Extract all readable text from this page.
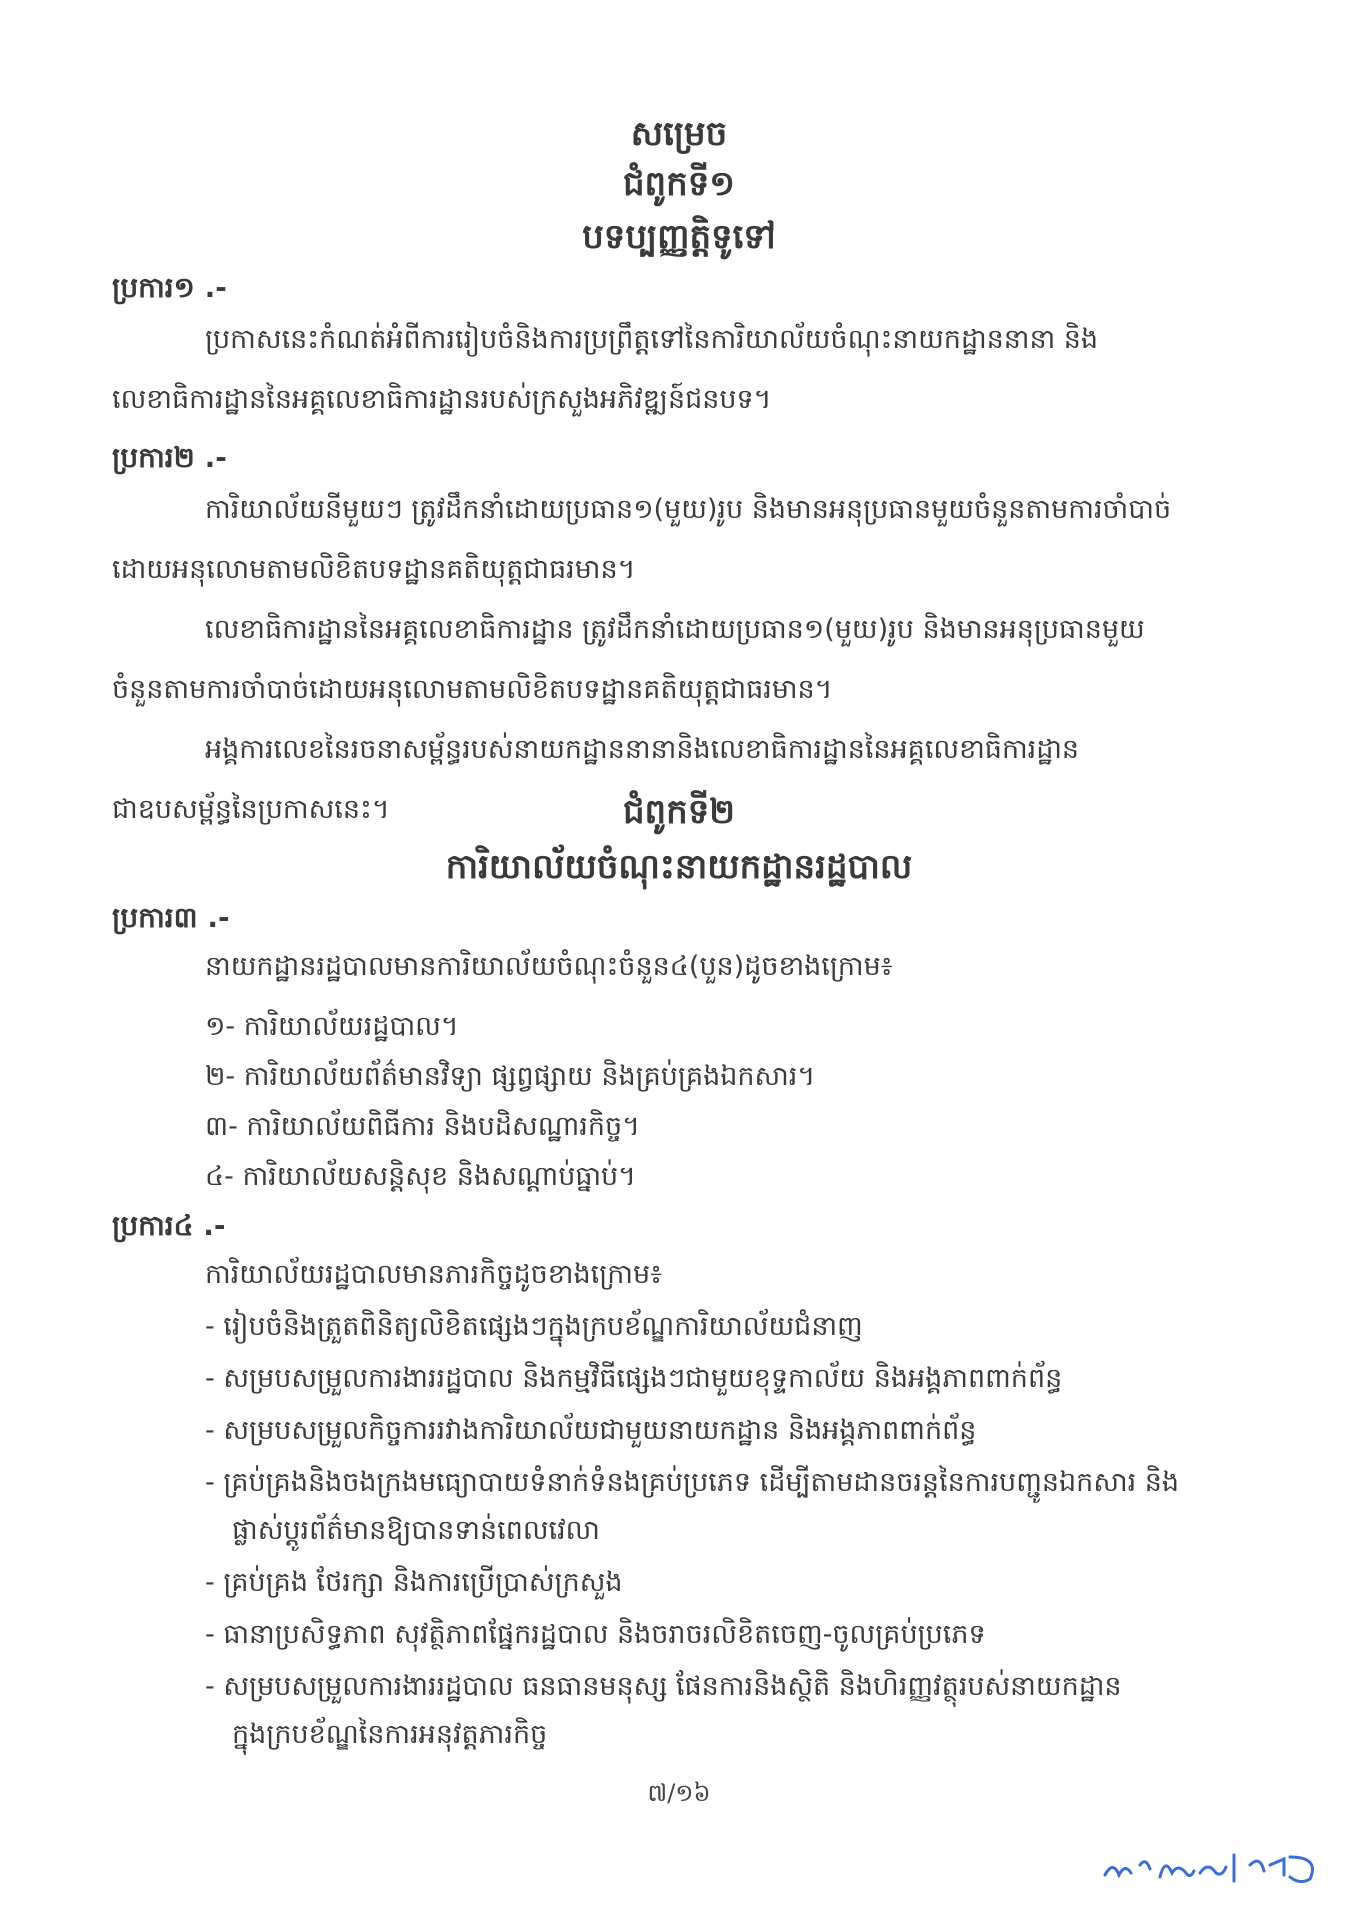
សម្រេច
ជំពូកទី១
បទប្បញ្ញត្តិទូទៅ
ប្រការ១ .-
ប្រកាសនេះកំណត់អំពីការរៀបចំនិងការប្រព្រឹត្តទៅនៃការិយាល័យចំណុះនាយកដ្ឋាននានា និង
លេខាធិការដ្ឋាននៃអគ្គលេខាធិការដ្ឋានរបស់ក្រសួងអភិវឌ្ឍន៍ជនបទ។
ប្រការ២ .-
ការិយាល័យនីមួយៗ ត្រូវដឹកនាំដោយប្រធាន១(មួយ)រូប និងមានអនុប្រធានមួយចំនួនតាមការចាំបាច់
ដោយអនុលោមតាមលិខិតបទដ្ឋានគតិយុត្តជាធរមាន។
លេខាធិការដ្ឋាននៃអគ្គលេខាធិការដ្ឋាន ត្រូវដឹកនាំដោយប្រធាន១(មួយ)រូប និងមានអនុប្រធានមួយ
ចំនួនតាមការចាំបាច់ដោយអនុលោមតាមលិខិតបទដ្ឋានគតិយុត្តជាធរមាន។
អង្គការលេខនៃរចនាសម្ព័ន្ធរបស់នាយកដ្ឋាននានានិងលេខាធិការដ្ឋាននៃអគ្គលេខាធិការដ្ឋាន
ជាឧបសម្ព័ន្ធនៃប្រកាសនេះ។	ជំពូកទី២
ការិយាល័យចំណុះនាយកដ្ឋានរដ្ឋបាល
ប្រការ៣ .-
នាយកដ្ឋានរដ្ឋបាលមានការិយាល័យចំណុះចំនួន៤(បួន)ដូចខាងក្រោម៖
១- ការិយាល័យរដ្ឋបាល។
២- ការិយាល័យព័ត៌មានវិទ្យា ផ្សព្វផ្សាយ និងគ្រប់គ្រងឯកសារ។
៣- ការិយាល័យពិធីការ និងបដិសណ្ឋារកិច្ច។
៤- ការិយាល័យសន្តិសុខ និងសណ្តាប់ធ្នាប់។
ប្រការ៤ .-
ការិយាល័យរដ្ឋបាលមានភារកិច្ចដូចខាងក្រោម៖
- រៀបចំនិងត្រួតពិនិត្យលិខិតផ្សេងៗក្នុងក្របខ័ណ្ឌការិយាល័យជំនាញ
- សម្របសម្រួលការងាររដ្ឋបាល និងកម្មវិធីផ្សេងៗជាមួយខុទ្ទកាល័យ និងអង្គភាពពាក់ព័ន្ធ
- សម្របសម្រួលកិច្ចការរវាងការិយាល័យជាមួយនាយកដ្ឋាន និងអង្គភាពពាក់ព័ន្ធ
- គ្រប់គ្រងនិងចងក្រងមធ្យោបាយទំនាក់ទំនងគ្រប់ប្រភេទ ដើម្បីតាមដានចរន្តនៃការបញ្ជូនឯកសារ និង
ផ្លាស់ប្តូរព័ត៌មានឱ្យបានទាន់ពេលវេលា
- គ្រប់គ្រង ថែរក្សា និងការប្រើប្រាស់ក្រសួង
- ធានាប្រសិទ្ធភាព សុវត្ថិភាពផ្នែករដ្ឋបាល និងចរាចរលិខិតចេញ-ចូលគ្រប់ប្រភេទ
- សម្របសម្រួលការងាររដ្ឋបាល ធនធានមនុស្ស ផែនការនិងស្ថិតិ និងហិរញ្ញវត្ថុរបស់នាយកដ្ឋាន
ក្នុងក្របខ័ណ្ឌនៃការអនុវត្តភារកិច្ច
៧/១៦
